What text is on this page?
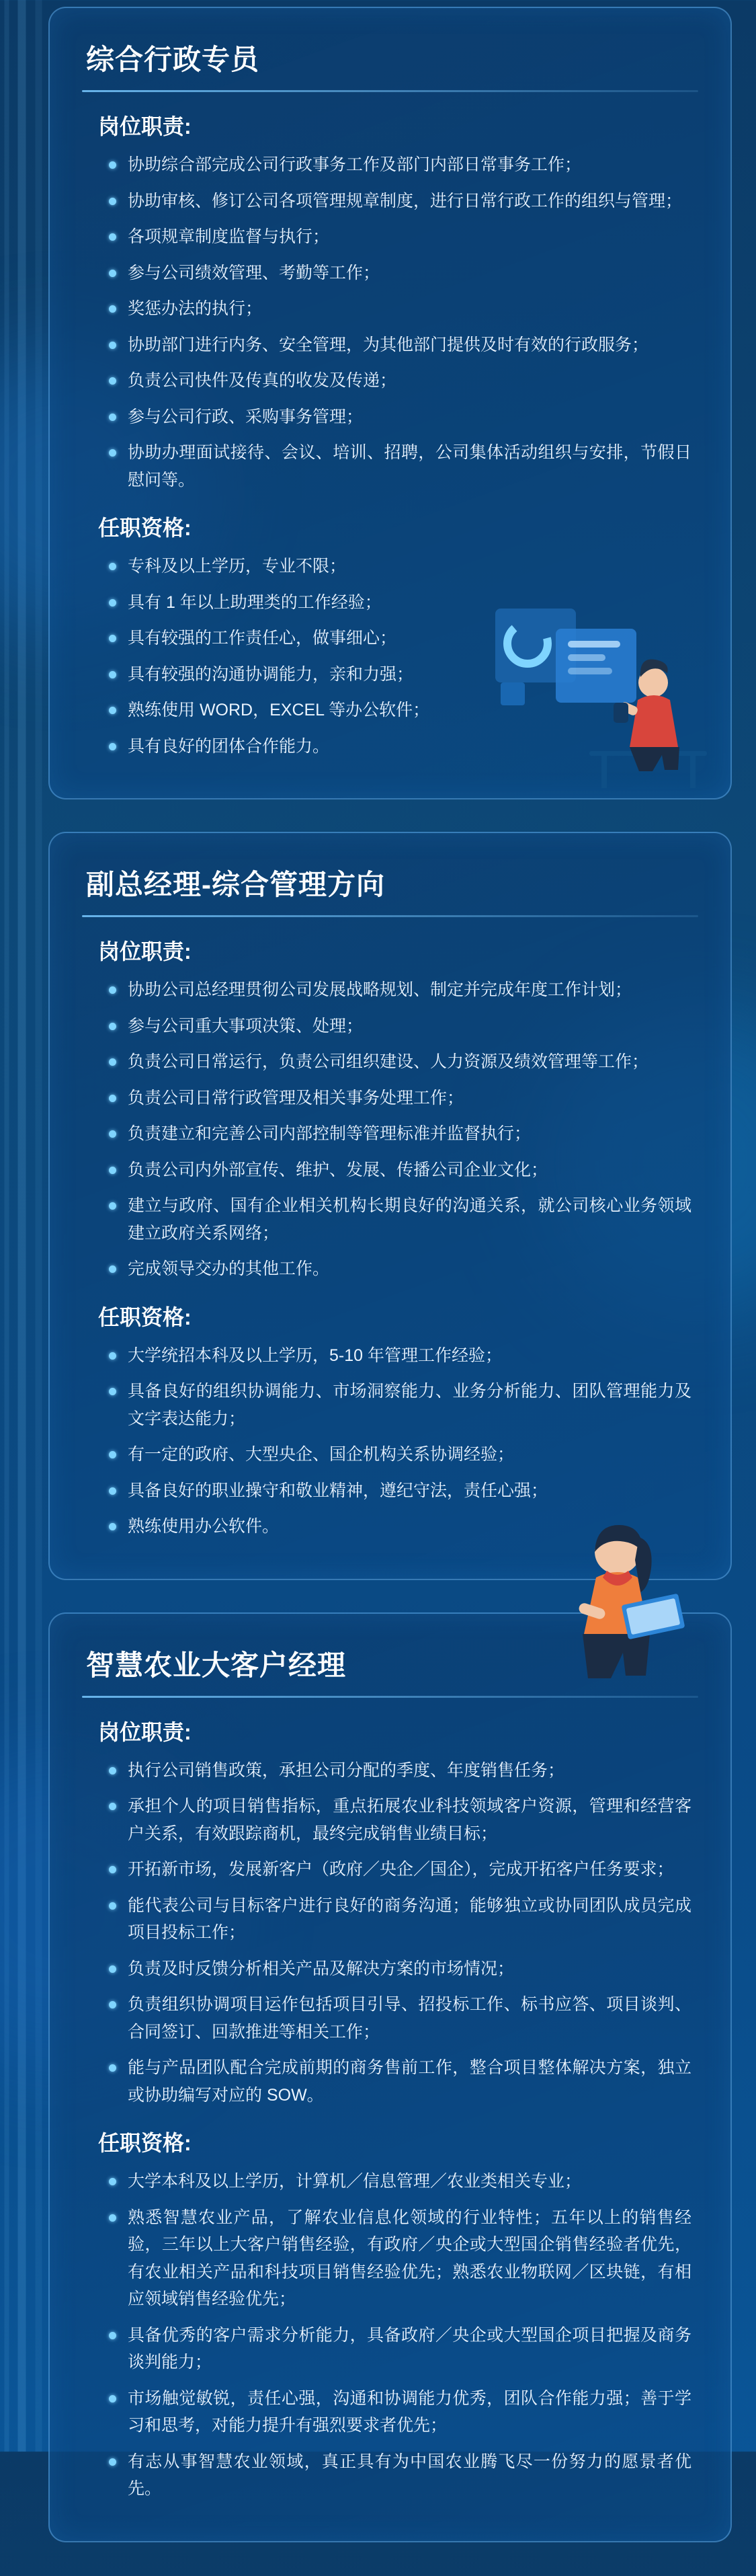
综合行政专员
岗位职责:
协助综合部完成公司行政事务工作及部门内部日常事务工作；
协助审核、修订公司各项管理规章制度，进行日常行政工作的组织与管理；
各项规章制度监督与执行；
参与公司绩效管理、考勤等工作；
奖惩办法的执行；
协助部门进行内务、安全管理，为其他部门提供及时有效的行政服务；
负责公司快件及传真的收发及传递；
参与公司行政、采购事务管理；
协助办理面试接待、会议、培训、招聘，公司集体活动组织与安排，节假日慰问等。
任职资格:
专科及以上学历，专业不限；
具有 1 年以上助理类的工作经验；
具有较强的工作责任心，做事细心；
具有较强的沟通协调能力，亲和力强；
熟练使用 WORD，EXCEL 等办公软件；
具有良好的团体合作能力。
副总经理-综合管理方向
岗位职责:
协助公司总经理贯彻公司发展战略规划、制定并完成年度工作计划；
参与公司重大事项决策、处理；
负责公司日常运行，负责公司组织建设、人力资源及绩效管理等工作；
负责公司日常行政管理及相关事务处理工作；
负责建立和完善公司内部控制等管理标准并监督执行；
负责公司内外部宣传、维护、发展、传播公司企业文化；
建立与政府、国有企业相关机构长期良好的沟通关系，就公司核心业务领域建立政府关系网络；
完成领导交办的其他工作。
任职资格:
大学统招本科及以上学历，5-10 年管理工作经验；
具备良好的组织协调能力、市场洞察能力、业务分析能力、团队管理能力及文字表达能力；
有一定的政府、大型央企、国企机构关系协调经验；
具备良好的职业操守和敬业精神，遵纪守法，责任心强；
熟练使用办公软件。
智慧农业大客户经理
岗位职责:
执行公司销售政策，承担公司分配的季度、年度销售任务；
承担个人的项目销售指标，重点拓展农业科技领域客户资源，管理和经营客户关系，有效跟踪商机，最终完成销售业绩目标；
开拓新市场，发展新客户（政府／央企／国企），完成开拓客户任务要求；
能代表公司与目标客户进行良好的商务沟通；能够独立或协同团队成员完成项目投标工作；
负责及时反馈分析相关产品及解决方案的市场情况；
负责组织协调项目运作包括项目引导、招投标工作、标书应答、项目谈判、合同签订、回款推进等相关工作；
能与产品团队配合完成前期的商务售前工作，整合项目整体解决方案，独立或协助编写对应的 SOW。
任职资格:
大学本科及以上学历，计算机／信息管理／农业类相关专业；
熟悉智慧农业产品，了解农业信息化领域的行业特性；五年以上的销售经验，三年以上大客户销售经验，有政府／央企或大型国企销售经验者优先，有农业相关产品和科技项目销售经验优先；熟悉农业物联网／区块链，有相应领域销售经验优先；
具备优秀的客户需求分析能力，具备政府／央企或大型国企项目把握及商务谈判能力；
市场触觉敏锐，责任心强，沟通和协调能力优秀，团队合作能力强；善于学习和思考，对能力提升有强烈要求者优先；
有志从事智慧农业领域，真正具有为中国农业腾飞尽一份努力的愿景者优先。
